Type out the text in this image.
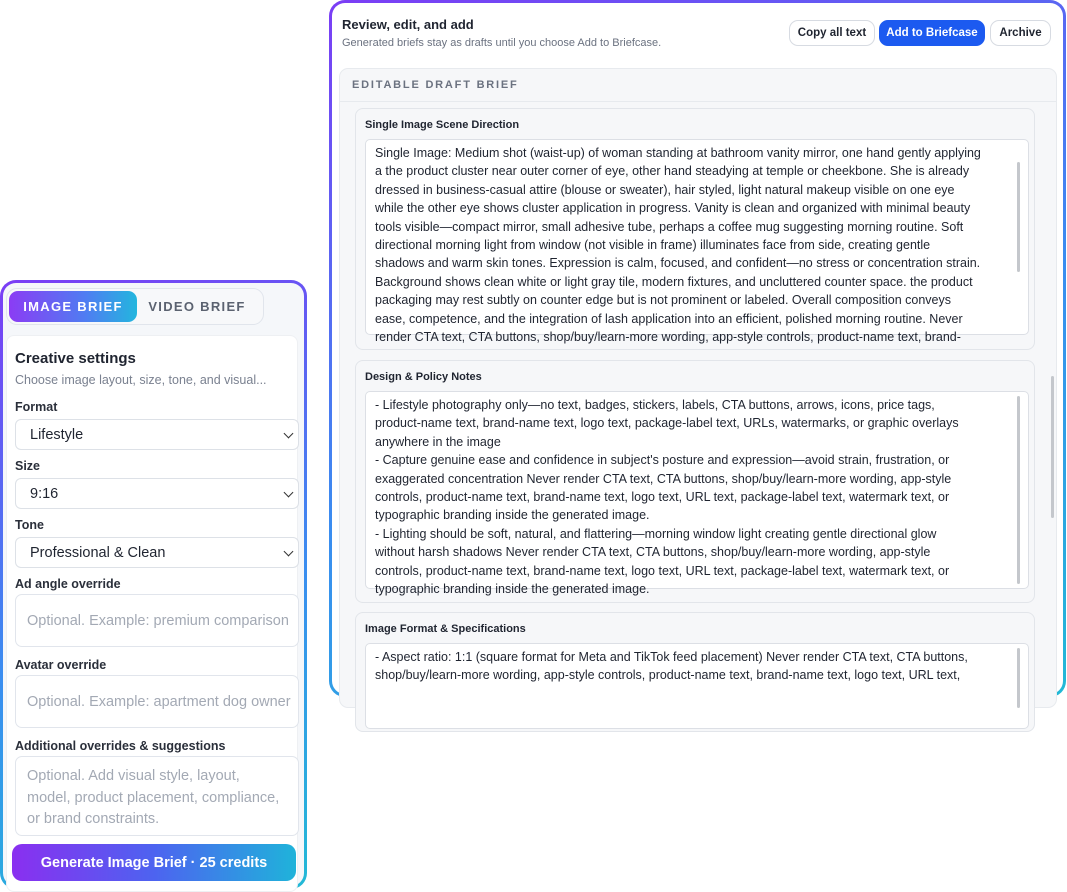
IMAGE BRIEF	VIDEO BRIEF
Creative settings
Choose image layout, size, tone, and visual...
Format
Lifestyle
Size
9:16
Tone
Professional & Clean
Ad angle override
Optional. Example: premium comparison
Avatar override
Optional. Example: apartment dog owner
Additional overrides & suggestions
Optional. Add visual style, layout, model, product placement, compliance, or brand constraints.
Generate Image Brief · 25 credits
Review, edit, and add
Generated briefs stay as drafts until you choose Add to Briefcase.
Copy all text	Add to Briefcase	Archive
EDITABLE DRAFT BRIEF
Single Image Scene Direction
Single Image: Medium shot (waist-up) of woman standing at bathroom vanity mirror, one hand gently applying
a the product cluster near outer corner of eye, other hand steadying at temple or cheekbone. She is already
dressed in business-casual attire (blouse or sweater), hair styled, light natural makeup visible on one eye
while the other eye shows cluster application in progress. Vanity is clean and organized with minimal beauty
tools visible—compact mirror, small adhesive tube, perhaps a coffee mug suggesting morning routine. Soft
directional morning light from window (not visible in frame) illuminates face from side, creating gentle
shadows and warm skin tones. Expression is calm, focused, and confident—no stress or concentration strain.
Background shows clean white or light gray tile, modern fixtures, and uncluttered counter space. the product
packaging may rest subtly on counter edge but is not prominent or labeled. Overall composition conveys
ease, competence, and the integration of lash application into an efficient, polished morning routine. Never
render CTA text, CTA buttons, shop/buy/learn-more wording, app-style controls, product-name text, brand-
Design & Policy Notes
- Lifestyle photography only—no text, badges, stickers, labels, CTA buttons, arrows, icons, price tags,
product-name text, brand-name text, logo text, package-label text, URLs, watermarks, or graphic overlays
anywhere in the image
- Capture genuine ease and confidence in subject's posture and expression—avoid strain, frustration, or
exaggerated concentration Never render CTA text, CTA buttons, shop/buy/learn-more wording, app-style
controls, product-name text, brand-name text, logo text, URL text, package-label text, watermark text, or
typographic branding inside the generated image.
- Lighting should be soft, natural, and flattering—morning window light creating gentle directional glow
without harsh shadows Never render CTA text, CTA buttons, shop/buy/learn-more wording, app-style
controls, product-name text, brand-name text, logo text, URL text, package-label text, watermark text, or
typographic branding inside the generated image.
Image Format & Specifications
- Aspect ratio: 1:1 (square format for Meta and TikTok feed placement) Never render CTA text, CTA buttons,
shop/buy/learn-more wording, app-style controls, product-name text, brand-name text, logo text, URL text,
